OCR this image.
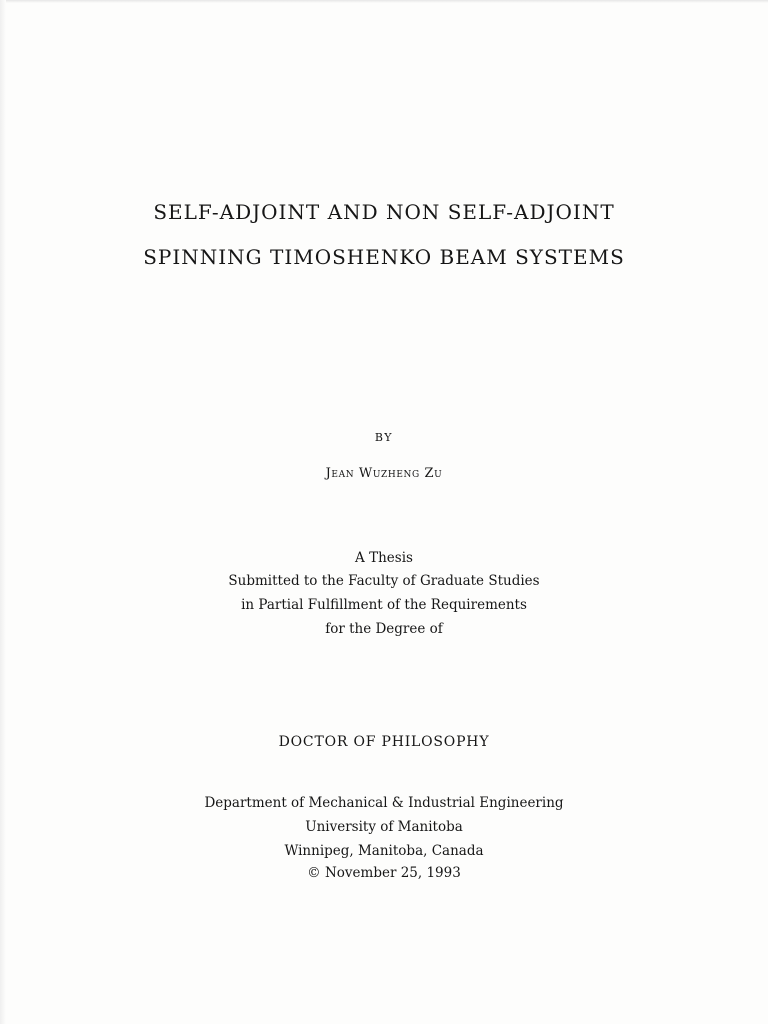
SELF-ADJOINT AND NON SELF-ADJOINT
SPINNING TIMOSHENKO BEAM SYSTEMS
BY
Jean Wuzheng Zu
A Thesis
Submitted to the Faculty of Graduate Studies
in Partial Fulfillment of the Requirements
for the Degree of
DOCTOR OF PHILOSOPHY
Department of Mechanical & Industrial Engineering
University of Manitoba
Winnipeg, Manitoba, Canada
© November 25, 1993
